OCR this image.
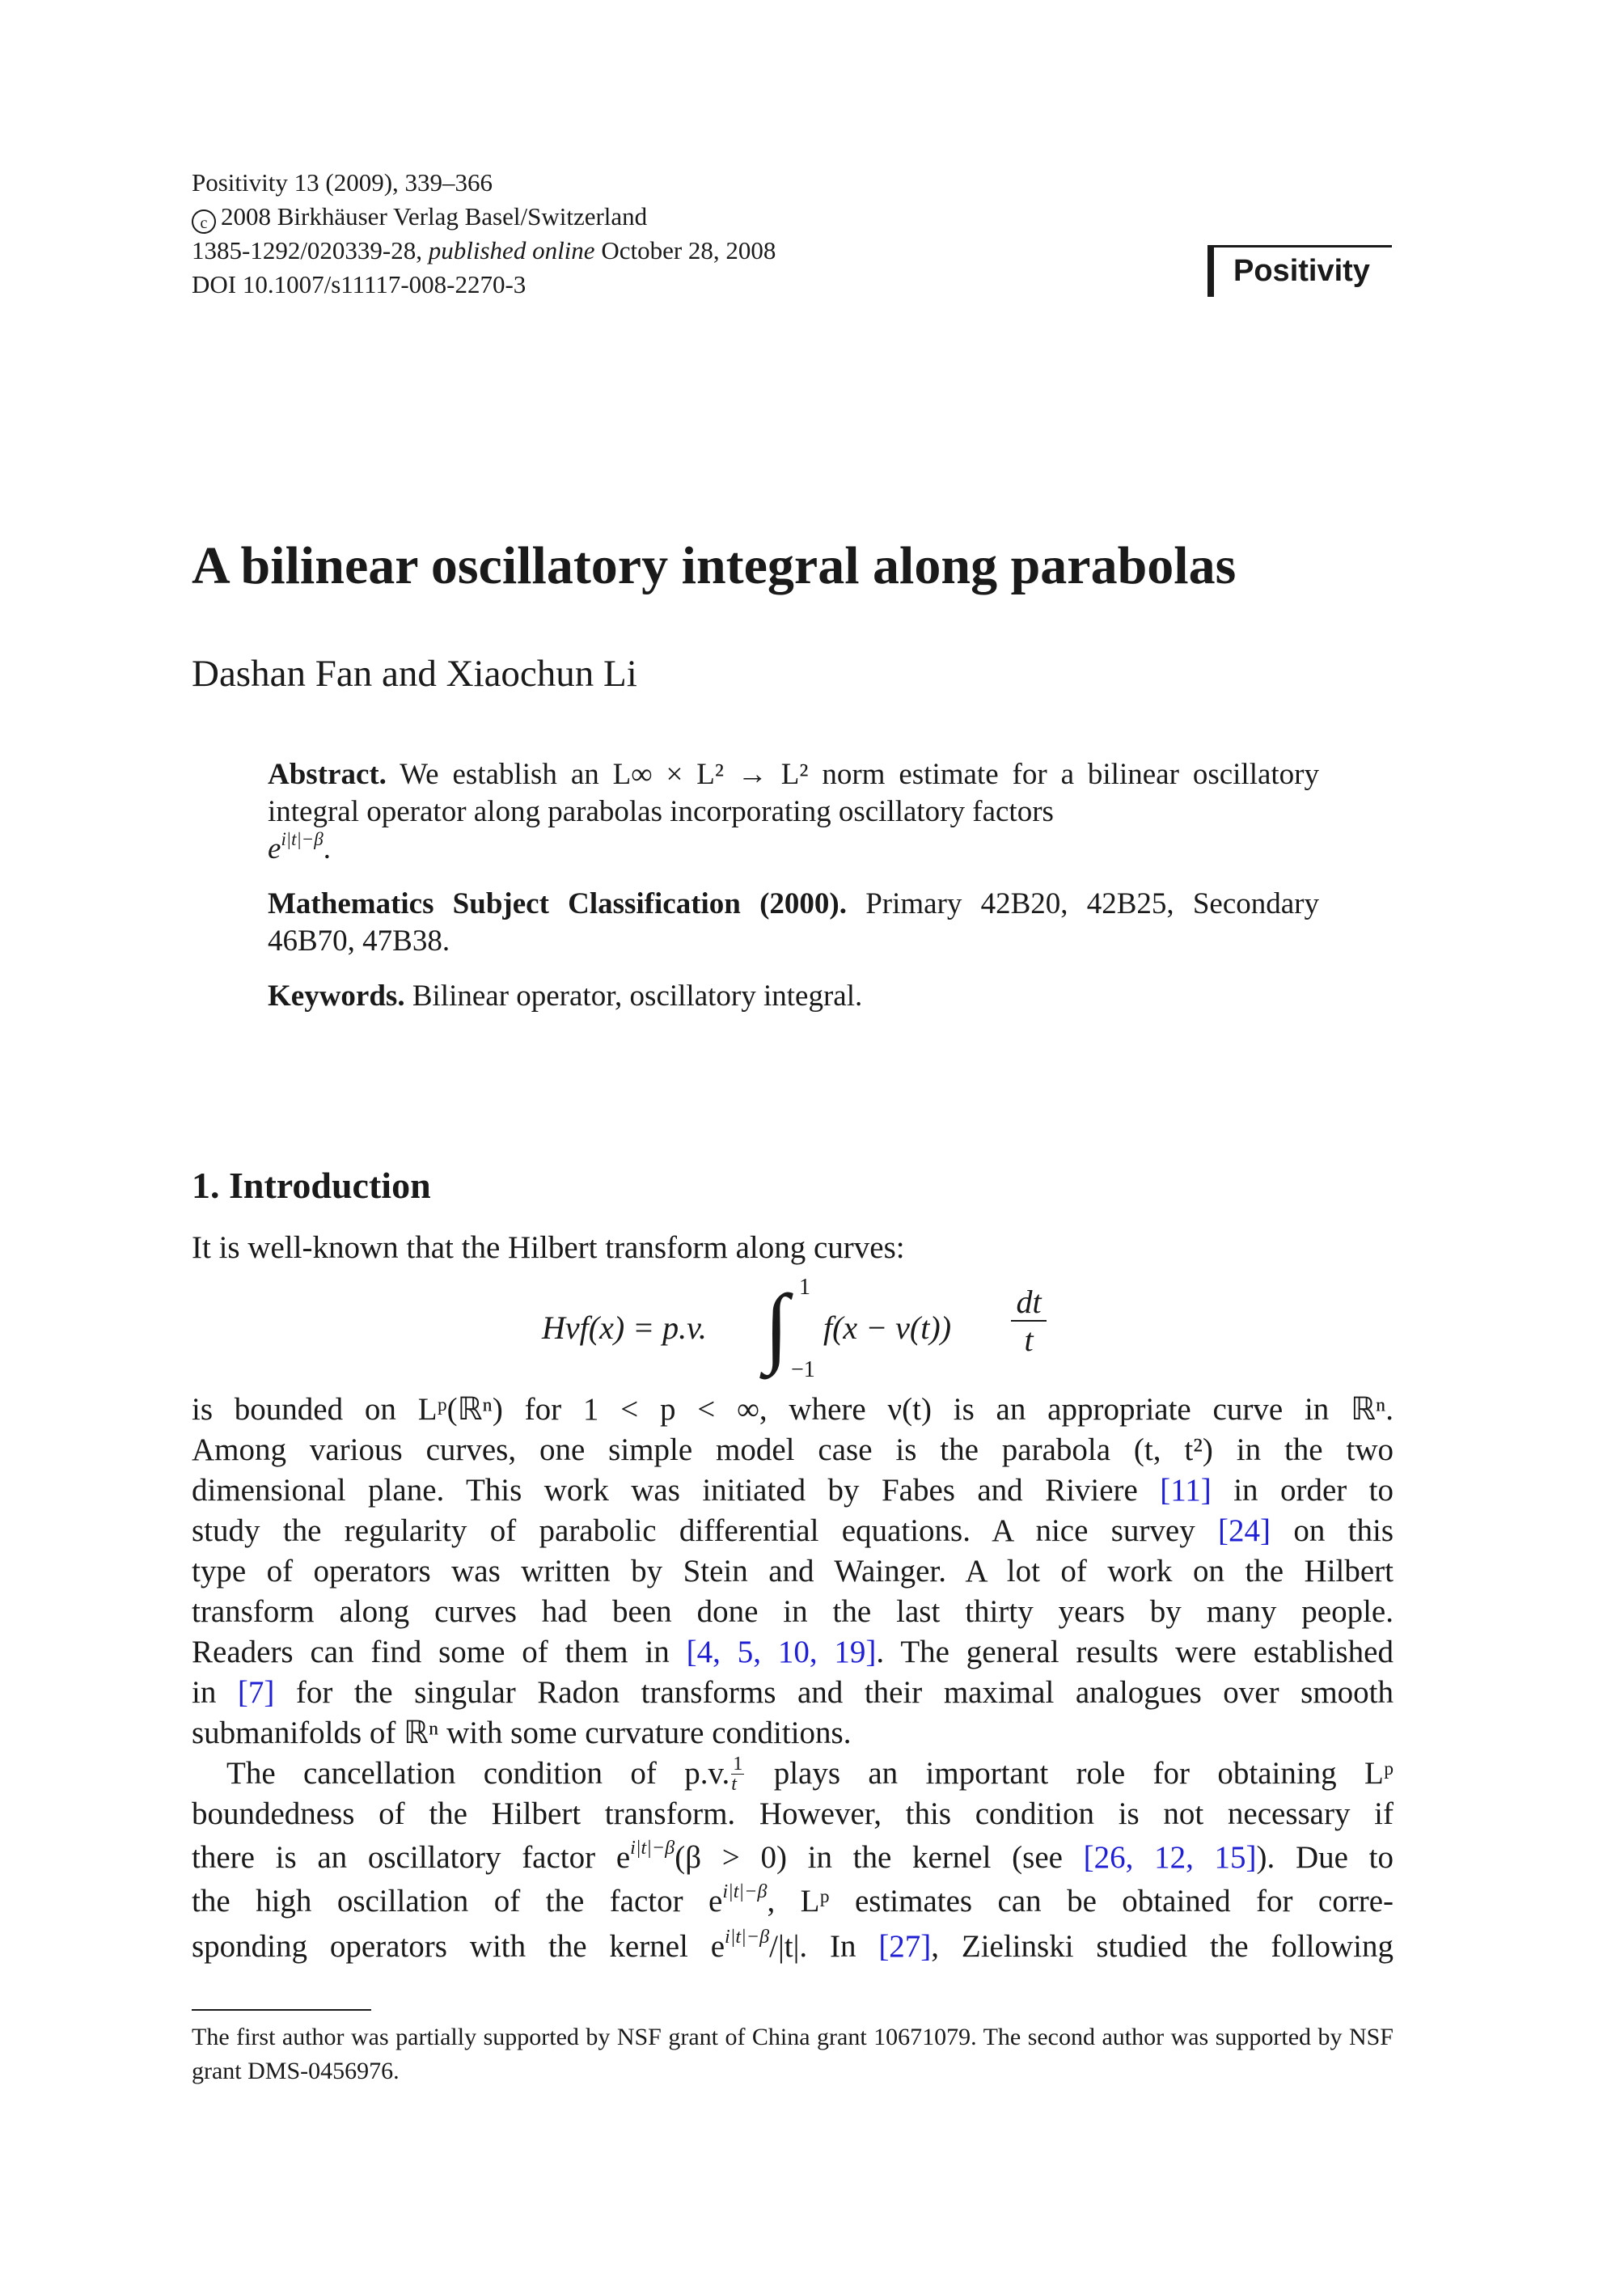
Positivity 13 (2009), 339–366
c 2008 Birkhäuser Verlag Basel/Switzerland
1385-1292/020339-28, published online October 28, 2008
DOI 10.1007/s11117-008-2270-3	Positivity
A bilinear oscillatory integral along parabolas

Dashan Fan and Xiaochun Li

Abstract. We establish an L∞ × L² → L² norm estimate for a bilinear oscillatory integral operator along parabolas incorporating oscillatory factors
$e^{i|t|-\beta}$.

Mathematics Subject Classification (2000). Primary 42B20, 42B25, Secondary 46B70, 47B38.

Keywords. Bilinear operator, oscillatory integral.

1. Introduction
It is well-known that the Hilbert transform along curves:
Hνf(x) = p.v. ∫ 1
−1
$f(x - \nu(t)) \frac{dt}{t}$
is bounded on Lᵖ(ℝⁿ) for 1 < p < ∞, where ν(t) is an appropriate curve in ℝⁿ.
Among various curves, one simple model case is the parabola (t, t²) in the two
dimensional plane. This work was initiated by Fabes and Riviere [11] in order to
study the regularity of parabolic differential equations. A nice survey [24] on this
type of operators was written by Stein and Wainger. A lot of work on the Hilbert
transform along curves had been done in the last thirty years by many people.
Readers can find some of them in [4, 5, 10, 19]. The general results were established
in [7] for the singular Radon transforms and their maximal analogues over smooth
submanifolds of ℝⁿ with some curvature conditions.
The cancellation condition of p.v. $\frac{1}{t}$ plays an important role for obtaining Lᵖ
boundedness of the Hilbert transform. However, this condition is not necessary if
there is an oscillatory factor $e^{i|t|-\beta}(\beta > 0)$ in the kernel (see [26, 12, 15]). Due to
the high oscillation of the factor $e^{i|t|-\beta}$, Lᵖ estimates can be obtained for corre-
sponding operators with the kernel $e^{i|t|-\beta}/|t|$. In [27], Zielinski studied the following
The first author was partially supported by NSF grant of China grant 10671079. The second author was supported by NSF grant DMS-0456976.
